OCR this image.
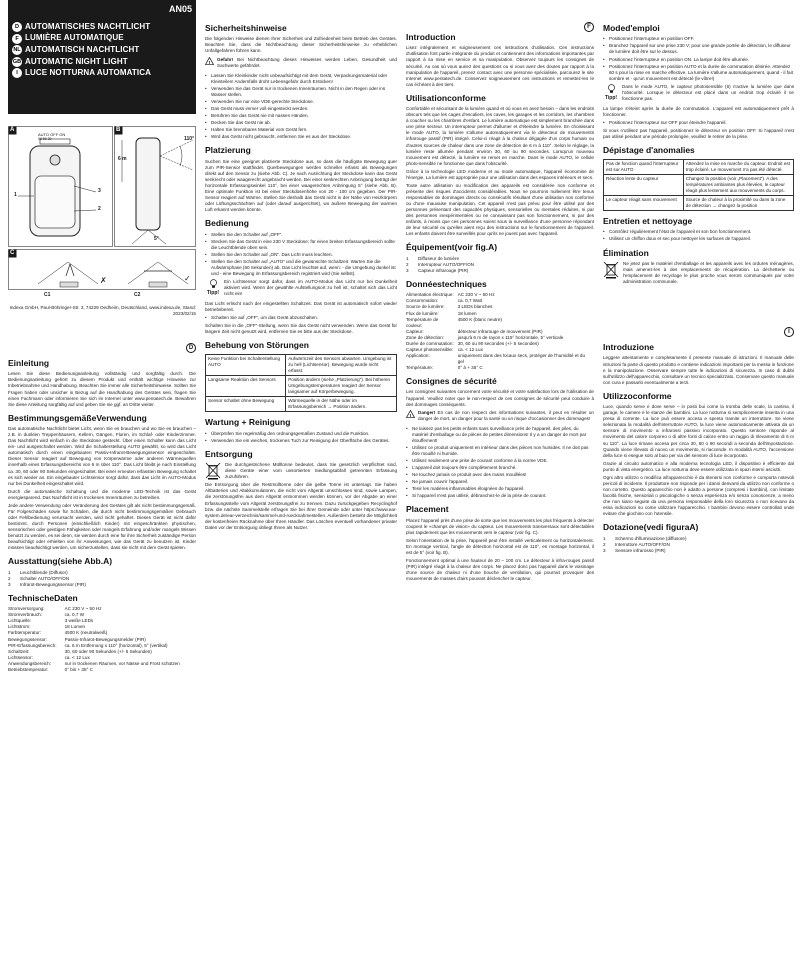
AN05
D AUTOMATISCHES NACHTLICHT
F LUMIÈRE AUTOMATIQUE
NL AUTOMATISCH NACHTLICHT
GB AUTOMATIC NIGHT LIGHT
I LUCE NOTTURNA AUTOMATICA
A	B
C
AUTO OFF ON
96 50 30
1
3
2
6 m
110°
5°
C1	C2
✗	✓
Indexa GmbH, Paul-Böhringer-Str. 3, 74229 Oedheim, Deutschland, www.indexa.de, Stand: 2023/02/15
D
Einleitung

Lesen Sie diese Bedienungsanleitung vollständig und sorgfältig durch. Die Bedienungsanleitung gehört zu diesem Produkt und enthält wichtige Hinweise zur Inbetriebnahme und Handhabung. Beachten Sie immer alle Sicherheitshinweise. Sollten Sie Fragen haben oder unsicher in Bezug auf die Handhabung des Gerätes sein, fragen Sie einen Fachmann oder informieren Sie sich im Internet unter www.pentatech.de. Bewahren Sie diese Anleitung sorgfältig auf und geben Sie sie ggf. an Dritte weiter.

BestimmungsgemäßeVerwendung

Das automatische Nachtlicht bietet Licht, wenn Sie es brauchen und wo Sie es brauchen – z.B. in dunklen Treppenhäusern, Kellern, Gängen, Fluren, im Schlaf- oder Kinderzimmer. Das Nachtlicht wird einfach in die Steckdose gesteckt. Über einen Schalter kann das Licht ein- und ausgeschaltet werden. Wird die Schalterstellung AUTO gewählt, so wird das Licht automatisch durch einen eingebauten Passiv-Infrarot-Bewegungssensor eingeschaltet. Dieser Sensor reagiert auf Bewegung von Körperwärme oder anderen Wärmequellen innerhalb eines Erfassungsbereichs von 6 m über 110°. Das Licht bleibt je nach Einstellung ca. 30, 60 oder 90 Sekunden eingeschaltet. Bei einer erneuten erfassten Bewegung schaltet es sich wieder an. Ein eingebauter Lichtsensor sorgt dafür, dass das Licht im AUTO-Modus nur bei Dunkelheit eingeschaltet wird.

Durch die automatische Schaltung und die moderne LED-Technik ist das Gerät energiesparend. Das Nachtlicht ist in trockenen Innenräumen zu betreiben.

Jede andere Verwendung oder Veränderung des Gerätes gilt als nicht bestimmungsgemäß. Für Folgeschäden sowie für Schäden, die durch nicht bestimmungsgemäßen Gebrauch oder Fehlbedienung verursacht werden, wird nicht gehaftet. Dieses Gerät ist nicht dafür bestimmt, durch Personen (einschließlich Kinder) mit eingeschränkten physischen, sensorischen oder geistigen Fähigkeiten oder mangels Erfahrung und/oder mangels Wissen benutzt zu werden, es sei denn, sie werden durch eine für ihre Sicherheit zuständige Person beaufsichtigt oder erhielten von ihr Anweisungen, wie das Gerät zu benutzen ist. Kinder müssen beaufsichtigt werden, um sicherzustellen, dass sie nicht mit dem Gerät spielen.

Ausstattung(siehe Abb.A)
1	Leuchtblende (Diffusor)
2	Schalter AUTO/OFF/ON
3	Infrarot-Bewegungssensor (PIR)
TechnischeDaten
Stromversorgung:	AC 230 V ~ 50 Hz
Stromverbrauch:	ca. 0,7 W
Lichtquelle:	3 weiße LEDs
Lichtstrom:	18 Lumen
Farbtemperatur:	4500 K (neutralweiß)
Bewegungssensor:	Passiv-Infrarot-Bewegungsmelder (PIR)
PIR-Erfassungsbereich:	ca. 6 m Entfernung x 110° (horizontal), 5° (vertikal)
Schaltzeit:	30, 60 oder 90 Sekunden (+/- 5 Sekunden)
Lichtsensor:	ca. < 12 Lux
Anwendungsbereich:	nur in trockenen Räumen, vor Nässe und Frost schützen
Betriebstemperatur:	0° bis + 35° C
Sicherheitshinweise

Die folgenden Hinweise dienen Ihrer Sicherheit und Zufriedenheit beim Betrieb des Gerätes. Beachten Sie, dass die Nichtbeachtung dieser Sicherheitshinweise zu erheblichen Unfallgefahren führen kann.

!

Gefahr! Bei Nichtbeachtung dieses Hinweises werden Leben, Gesundheit und Sachwerte gefährdet.

• Lassen Sie Kleinkinder nicht unbeaufsichtigt mit dem Gerät, Verpackungsmaterial oder Kleinteilen! Andernfalls droht Lebensgefahr durch Ersticken!
• Verwenden Sie das Gerät nur in trockenen Innenräumen. Nicht in den Regen oder ins Wasser stellen.
• Verwenden Sie nur eine VDE-gerechte Steckdose.
• Das Gerät muss immer voll eingesteckt werden.
• Berühren Sie das Gerät nie mit nassen Händen.
• Decken Sie das Gerät nie ab.
• Halten Sie brennbares Material vom Gerät fern.
• Wird das Gerät nicht gebraucht, entfernen Sie es aus der Steckdose.
Platzierung

Suchen Sie eine geeignet platzierte Steckdose aus, so dass die häufigste Bewegung quer zum PIR-Sensor stattfindet. Querbewegungen werden schneller erfasst als Bewegungen direkt auf den Sensor zu (siehe Abb. C). Je nach Ausrichtung der Steckdose kann das Gerät senkrecht oder waagerecht angebracht werden. Bei einer senkrechten Anbringung beträgt der horizontale Erfassungswinkel 110°, bei einer waagerechten Anbringung 5° (siehe Abb. B). Eine optimale Funktion ist bei einer Steckdosenhöhe von 20 - 100 cm gegeben. Der PIR-Sensor reagiert auf Wärme. Stellen Sie deshalb das Gerät nicht in der Nähe von Heizkörpern oder Lüftungsschächten auf (oder darauf ausgerichtet), wo äußere Bewegung der warmen Luft erkannt werden könnte.

Bedienung
• Stellen Sie den Schalter auf „OFF“.
• Stecken Sie das Gerät in eine 230 V Steckdose; für einen breiten Erfassungsbereich sollte die Leuchtblende oben sein.
• Stellen Sie den Schalter auf „ON“. Das Licht muss leuchten.
• Stellen Sie den Schalter auf „AUTO“ und die gewünschte Schaltzeit. Warten Sie die Aufwärmphase (60 Sekunden) ab. Das Licht leuchtet auf, wenn: - die Umgebung dunkel ist und - eine Bewegung im Erfassungsbereich registriert wird (Sie selbst).
Tipp!

Ein Lichtsensor sorgt dafür, dass im AUTO-Modus das Licht nur bei Dunkelheit aktiviert wird. Wenn der gewählte Aufstellungsort zu hell ist, schaltet sich das Licht nicht ein!

Das Licht erlischt nach der eingestellten Schaltzeit. Das Gerät ist automatisch sofort wieder betriebsbereit.

• Schalten Sie auf „OFF“, um das Gerät abzuschalten.

Schalten Sie in die „OFF“-Stellung, wenn Sie das Gerät nicht verwenden. Wenn das Gerät für längere Zeit nicht genutzt wird, entfernen Sie es bitte aus der Steckdose.

Behebung von Störungen
Keine Funktion bei Schalterstellung AUTO	Aufwärmzeit des Sensors abwarten. Umgebung ist zu hell (Lichtsensor). Bewegung wurde nicht erfasst.
Langsame Reaktion des Sensors	Position ändern (siehe „Platzierung“). Bei höheren Umgebungstemperaturen reagiert der Sensor langsamer auf Körperbewegung.
Sensor schaltet ohne Bewegung	Wärmequelle in der Nähe oder im Erfassungsbereich → Position ändern.
Wartung + Reinigung
• Überprüfen Sie regelmäßig den ordnungsgemäßen Zustand und die Funktion.
• Verwenden Sie ein weiches, trockenes Tuch zur Reinigung der Oberfläche des Gerätes.
Entsorgung

Die durchgestrichene Mülltonne bedeutet, dass Sie gesetzlich verpflichtet sind, diese Geräte einer vom unsortierten Siedlungsabfall getrennten Erfassung zuzuführen.

Die Entsorgung über die Restmülltonne oder die gelbe Tonne ist untersagt. Sie haben Altbatterien und Altakkumulatoren, die nicht vom Altgerät umschlossen sind, sowie Lampen, die zerstörungsfrei aus dem Altgerät entnommen werden können, vor der Abgabe an einer Erfassungsstelle vom Altgerät zerstörungsfrei zu trennen. Dazu zurückgegeben Recyclinghof bzw. die nächste Sammelstelle erfragen Sie bei Ihrer Gemeinde oder unter https://www.ear-system.de/ear-verzeichnis/sammel-und-ruecknahmestellen. Außerdem besteht die Möglichkeit der kostenfreien Rücknahme über Ihren Händler. Das Löschen eventuell vorhandener privater Daten vor der Entsorgung obliegt Ihnen als Nutzer.

F
Introduction

Lisez intégralement et soigneusement ces instructions d'utilisation. Ces instructions d'utilisation font partie intégrante du produit et contiennent des informations importantes par rapport à sa mise en service et sa manipulation. Observez toujours les consignes de sécurité. Au cas où vous auriez des questions ou si vous avez des doutes par rapport à la manipulation de l'appareil, prenez contact avec une personne spécialisée, parcourez le site Internet www.pentatech.de. Conservez soigneusement ces instructions et remettez-les le cas échéant à des tiers.

Utilisationconforme

Confortable et sécurisant de la lumière quand et où vous en avez besoin – dans les endroits obscurs tels que les cages d'escaliers, les caves, les garages et les corridors, les chambres à coucher ou les chambres d'enfant. Le lumière automatique est simplement branchée dans une prise secteur. Un interrupteur permet d'allumer et d'éteindre la lumière. En choisissant le mode AUTO, la lumière s'allume automatiquement via le détecteur de mouvements infrarouge passif (PIR) intégré. Celui-ci réagit à la chaleur dégagée d'un corps humain ou d'autres sources de chaleur dans une zone de détection de 6 m à 110°. Selon le réglage, la lumière reste allumée pendant environ 30, 60 ou 90 secondes. Lorsqu'un nouveau mouvement est détecté, la lumière se remet en marche. Dans le mode AUTO, le cellule photo-sensible ne fonctionne que dans l'obscurité.

Grâce à la technologie LED moderne et au mode automatique, l'appareil économise de l'énergie. La lumière est appropriée pour une utilisation dans des espaces intérieurs et secs.

Toute autre utilisation ou modification des appareils est considérée non conforme et présente des risques d'accidents considérables. Nous ne pourrons nullement être tenus responsables de dommages directs ou consécutifs résultant d'une utilisation non conforme ou d'une mauvaise manipulation. Cet appareil n'est pas prévu pour être utilisé par des personnes présentant des capacités physiques, sensorielles ou mentales réduites, ni par des personnes inexpérimentées ou ne connaissant pas son fonctionnement, ni par des enfants, à moins que ces personnes soient sous la surveillance d'une personne répondant de leur sécurité ou qu'elles aient reçu des instructions sur le fonctionnement de l'appareil. Les enfants doivent être surveillés pour qu'ils ne jouent pas avec l'appareil.

Équipement(voir fig.A)
1	Diffuseur de lumière
2	Interrupteur AUTO/OFF/ON
3	Capteur infrarouge (PIR)
Donnéestechniques
Alimentation électrique:	AC 230 V ~ 50 Hz
Consommation:	ca. 0,7 Watt
Source de lumière:	3 LEDs blanches
Flux de lumière:	18 lumen
Température de couleur:	4500 K (blanc neutre)
Capteur:	détecteur infrarouge de mouvement (PIR)
Zone de détection:	jusqu'à 6 m de rayon x 115° horizontale, 5° verticale
Durée de commutation:	30, 60 ou 90 secondes (+/- 5 secondes)
Capteur photosensible:	ca. < 12 Lux
Application:	uniquement dans des locaux secs, protéger de l'humidité et du gel
Température:	0° à + 35° C
Consignes de sécurité

Les consignes suivantes concernent votre sécurité et votre satisfaction lors de l'utilisation de l'appareil. Veuillez noter que le non-respect de ces consignes de sécurité peut conduire à des dommages conséquents.

!

Danger! En cas de non respect des informations suivantes, il peut en résulter un danger de mort, un danger pour la santé ou un risque d'occasionner des dommages!

• Ne laissez pas les petits enfants sans surveillance près de l'appareil, des piles, du matériel d'emballage ou de pièces de petites dimensions! Il y a un danger de mort par étouffement!
• Utilisez ce produit uniquement en intérieur dans des pièces non humides. Il ne doit pas être mouillé ni humide.
• Utilisez seulement une prise de courant conforme à la norme VDE.
• L'appareil doit toujours être complètement branché.
• Ne touchez jamais ce produit avec des mains mouillées!
• Ne jamais couvrir l'appareil.
• Tenir les matières inflammables éloignées de l'appareil.
• Si l'appareil n'est pas utilisé, débranchez-le de la prise de courant.
Placement

Placez l'appareil près d'une prise de sorte que les mouvements les plus fréquents à détecter coupent le «champs de vision» du capteur. Les mouvements transversaux sont détectables plus rapidement que les mouvements vers le capteur (voir fig. C).

Selon l'orientation de la prise, l'appareil peut être installé verticalement ou horizontalement. En montage vertical, l'angle de détection horizontal est de 110°, en montage horizontal, il est de 5° (voir fig. B).

Fonctionnement optimal à une hauteur de 20 – 100 cm. Le détecteur à infra-rouges passif (PIR) intégré réagit à la chaleur des corps. Ne placez donc pas l'appareil dans le voisinage d'une source de chaleur ni d'une bouche de ventilation, qui pourrait provoquer des mouvements de masses d'airs pouvant déclencher le capteur.

Moded'emploi
• Positionnez l'interrupteur en position OFF.
• Branchez l'appareil sur une prise 230 V; pour une grande portée de détection, le diffuseur de lumière doit être sur le dessus.
• Positionnez l'interrupteur en position ON. La lampe doit être allumée.
• Positionnez l'interrupteur en position AUTO et la durée de commutation désirée. Attendez 60 s pour la mise en marche effective. La lumière s'allume automatiquement, quand - il fait sombre et - qu'un mouvement est détecté (le vôtre!)
Tipp!

Dans le mode AUTO, le capteur photosensible (6) n'active la lumière que dans l'obscurité. Lorsque le détecteur est placé dans un endroit trop éclairé il ne fonctionne pas.

La lampe s'éteint après la durée de commutation. L'appareil est automatiquement prêt à fonctionner.

• Positionnez l'interrupteur sur OFF pour éteindre l'appareil.

Si vous n'utilisez pas l'appareil, positionnez le détecteur en position OFF. Si l'appareil n'est pas utilisé pendant une période prolongée, veuillez le retirer de la prise.

Dépistage d'anomalies
Pas de fonction quand l'interrupteur est sur AUTO	Attendez la mise en marche du capteur. Endroit est trop éclairé. Le mouvement n'a pas été détecté.
Réaction lente du capteur	Changez la position (voir „Placement“). A des températures ambiantes plus élevées, le capteur réagit plus lentement aux mouvements du corps.
Le capteur réagit sans mouvement	Source de chaleur à la proximité ou dans la zone de détection → changez la position
Entretien et nettoyage
• Contrôlez régulièrement l'état de l'appareil et son bon fonctionnement.
• Utilisez un chiffon doux et sec pour nettoyer les surfaces de l'appareil.
Élimination

Ne jetez pas le matériel d'emballage et les appareils avec les ordures ménagères, mais amenez-les à des emplacements de récupération. La déchetterie ou l'emplacement de recyclage le plus proche vous seront communiqués par votre administration communale.

I
Introduzione

Leggere attentamente e completamente il presente manuale di istruzioni. Il manuale delle istruzioni fa parte di questo prodotto e contiene indicazioni importanti per la messa in funzione e la manipolazione. Osservare sempre tutte le indicazioni di sicurezza. In caso di dubbi sull'utilizzo dell'apparecchio, consultare un tecnico specializzato. Conservare questo manuale con cura e passarlo eventualmente a terzi.

Utilizzoconforme

Luce, quando serve e dove serve – in posti bui come la tromba delle scale, la cantina, il garage, le camere e le stanze dei bambini. La luce notturna si semplicemente inserita in una presa di corrente. La luce può essere accesa e spenta tramite un interruttore. Se viene selezionata la modalità dell'interruttore AUTO, la luce viene automaticamente attivata da un sensore di movimento a infrarossi passivo incorporato. Questo sensore risponde al movimento del calore corporeo o di altre fonti di calore entro un raggio di rilevamento di 6 m su 110°. La luce rimane accesa per circa 30, 60 o 90 secondi a seconda dell'impostazione. Quando viene rilevato di nuovo un movimento, si riaccende. In modalità AUTO, l'accensione della luce si esegue solo al buio per via del sensore di luce incorporato.

Grazie al circuito automatico e alla moderna tecnologia LED, il dispositivo è efficiente dal punto di vista energetico. La luce notturna deve essere utilizzata in spazi interni asciutti.

Ogni altro utilizzo o modifica all'apparecchio è da ritenersi non conforme e comporta notevoli pericoli di incidente. Il produttore non risponde per i danni derivanti da utilizzo non conforme o non corretto. Questo apparecchio non è adatto a persone (compresi i bambini), con limitate facoltà fisiche, sensoriali o psicologiche o senza esperienza e/o senza conoscenze, a meno che non siano seguite da una persona responsabile della loro sicurezza o non ricevano da essa indicazioni su come utilizzare l'apparecchio. I bambini devono essere controllati onde evitare che giochino con l'utensile.

Dotazione(vedi figuraA)
1	Schermo d'illuminazione (diffusore)
2	Interruttore AUTO/OFF/ON
3	Sensore infrarosso (PIR)
